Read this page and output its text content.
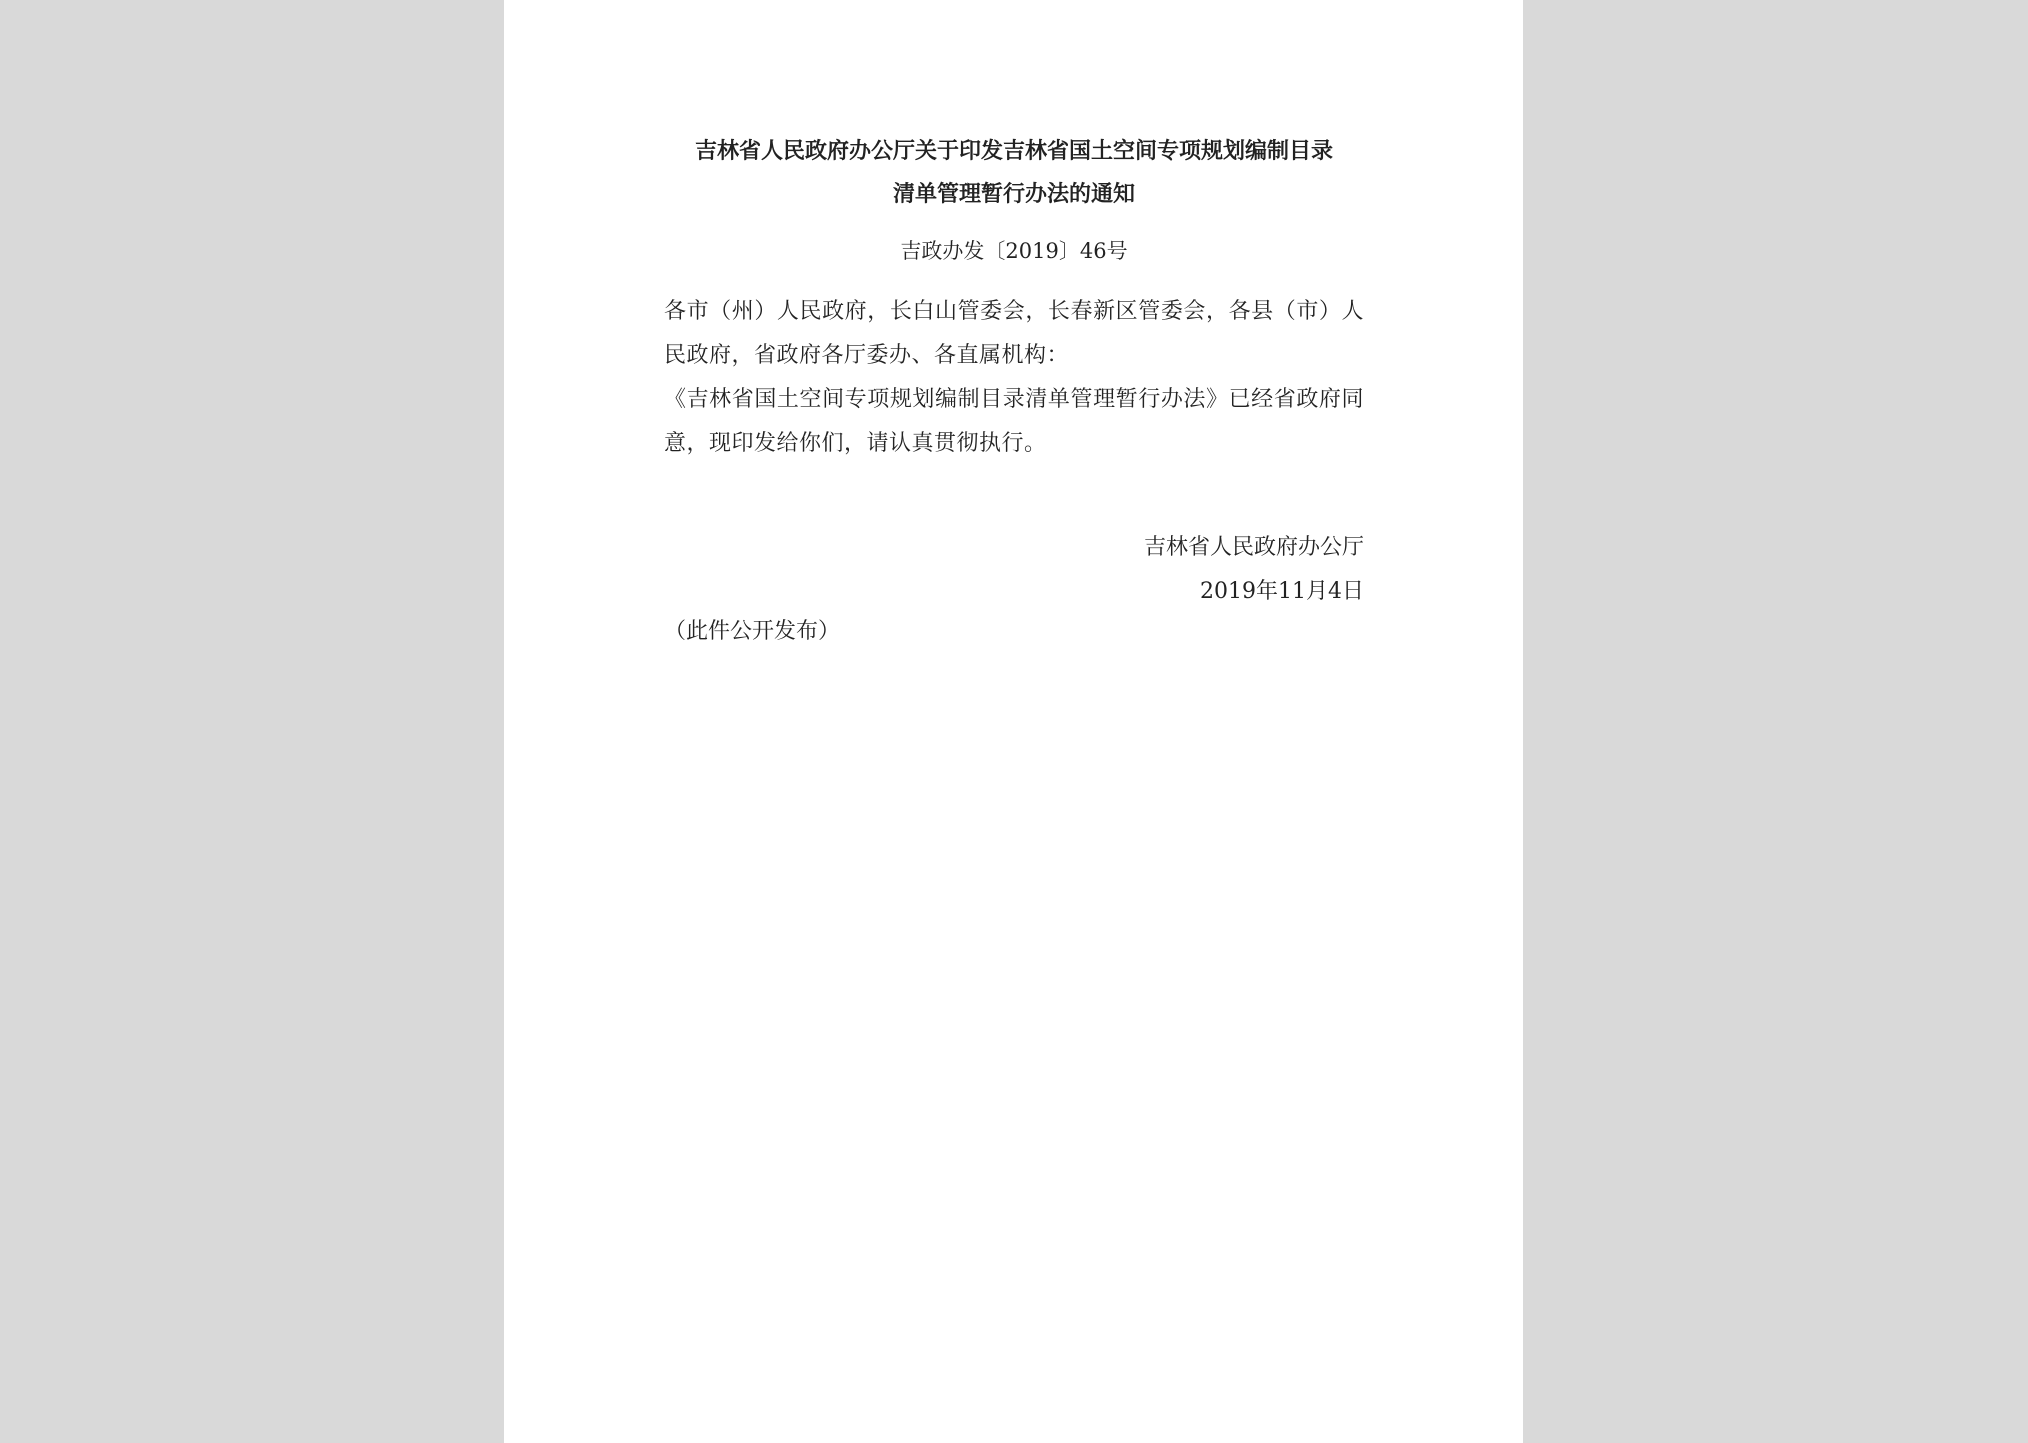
吉林省人民政府办公厅关于印发吉林省国土空间专项规划编制目录
清单管理暂行办法的通知
吉政办发〔2019〕46号
各市（州）人民政府，长白山管委会，长春新区管委会，各县（市）人民政府，省政府各厅委办、各直属机构：
《吉林省国土空间专项规划编制目录清单管理暂行办法》已经省政府同意，现印发给你们，请认真贯彻执行。
吉林省人民政府办公厅
2019年11月4日
（此件公开发布）
